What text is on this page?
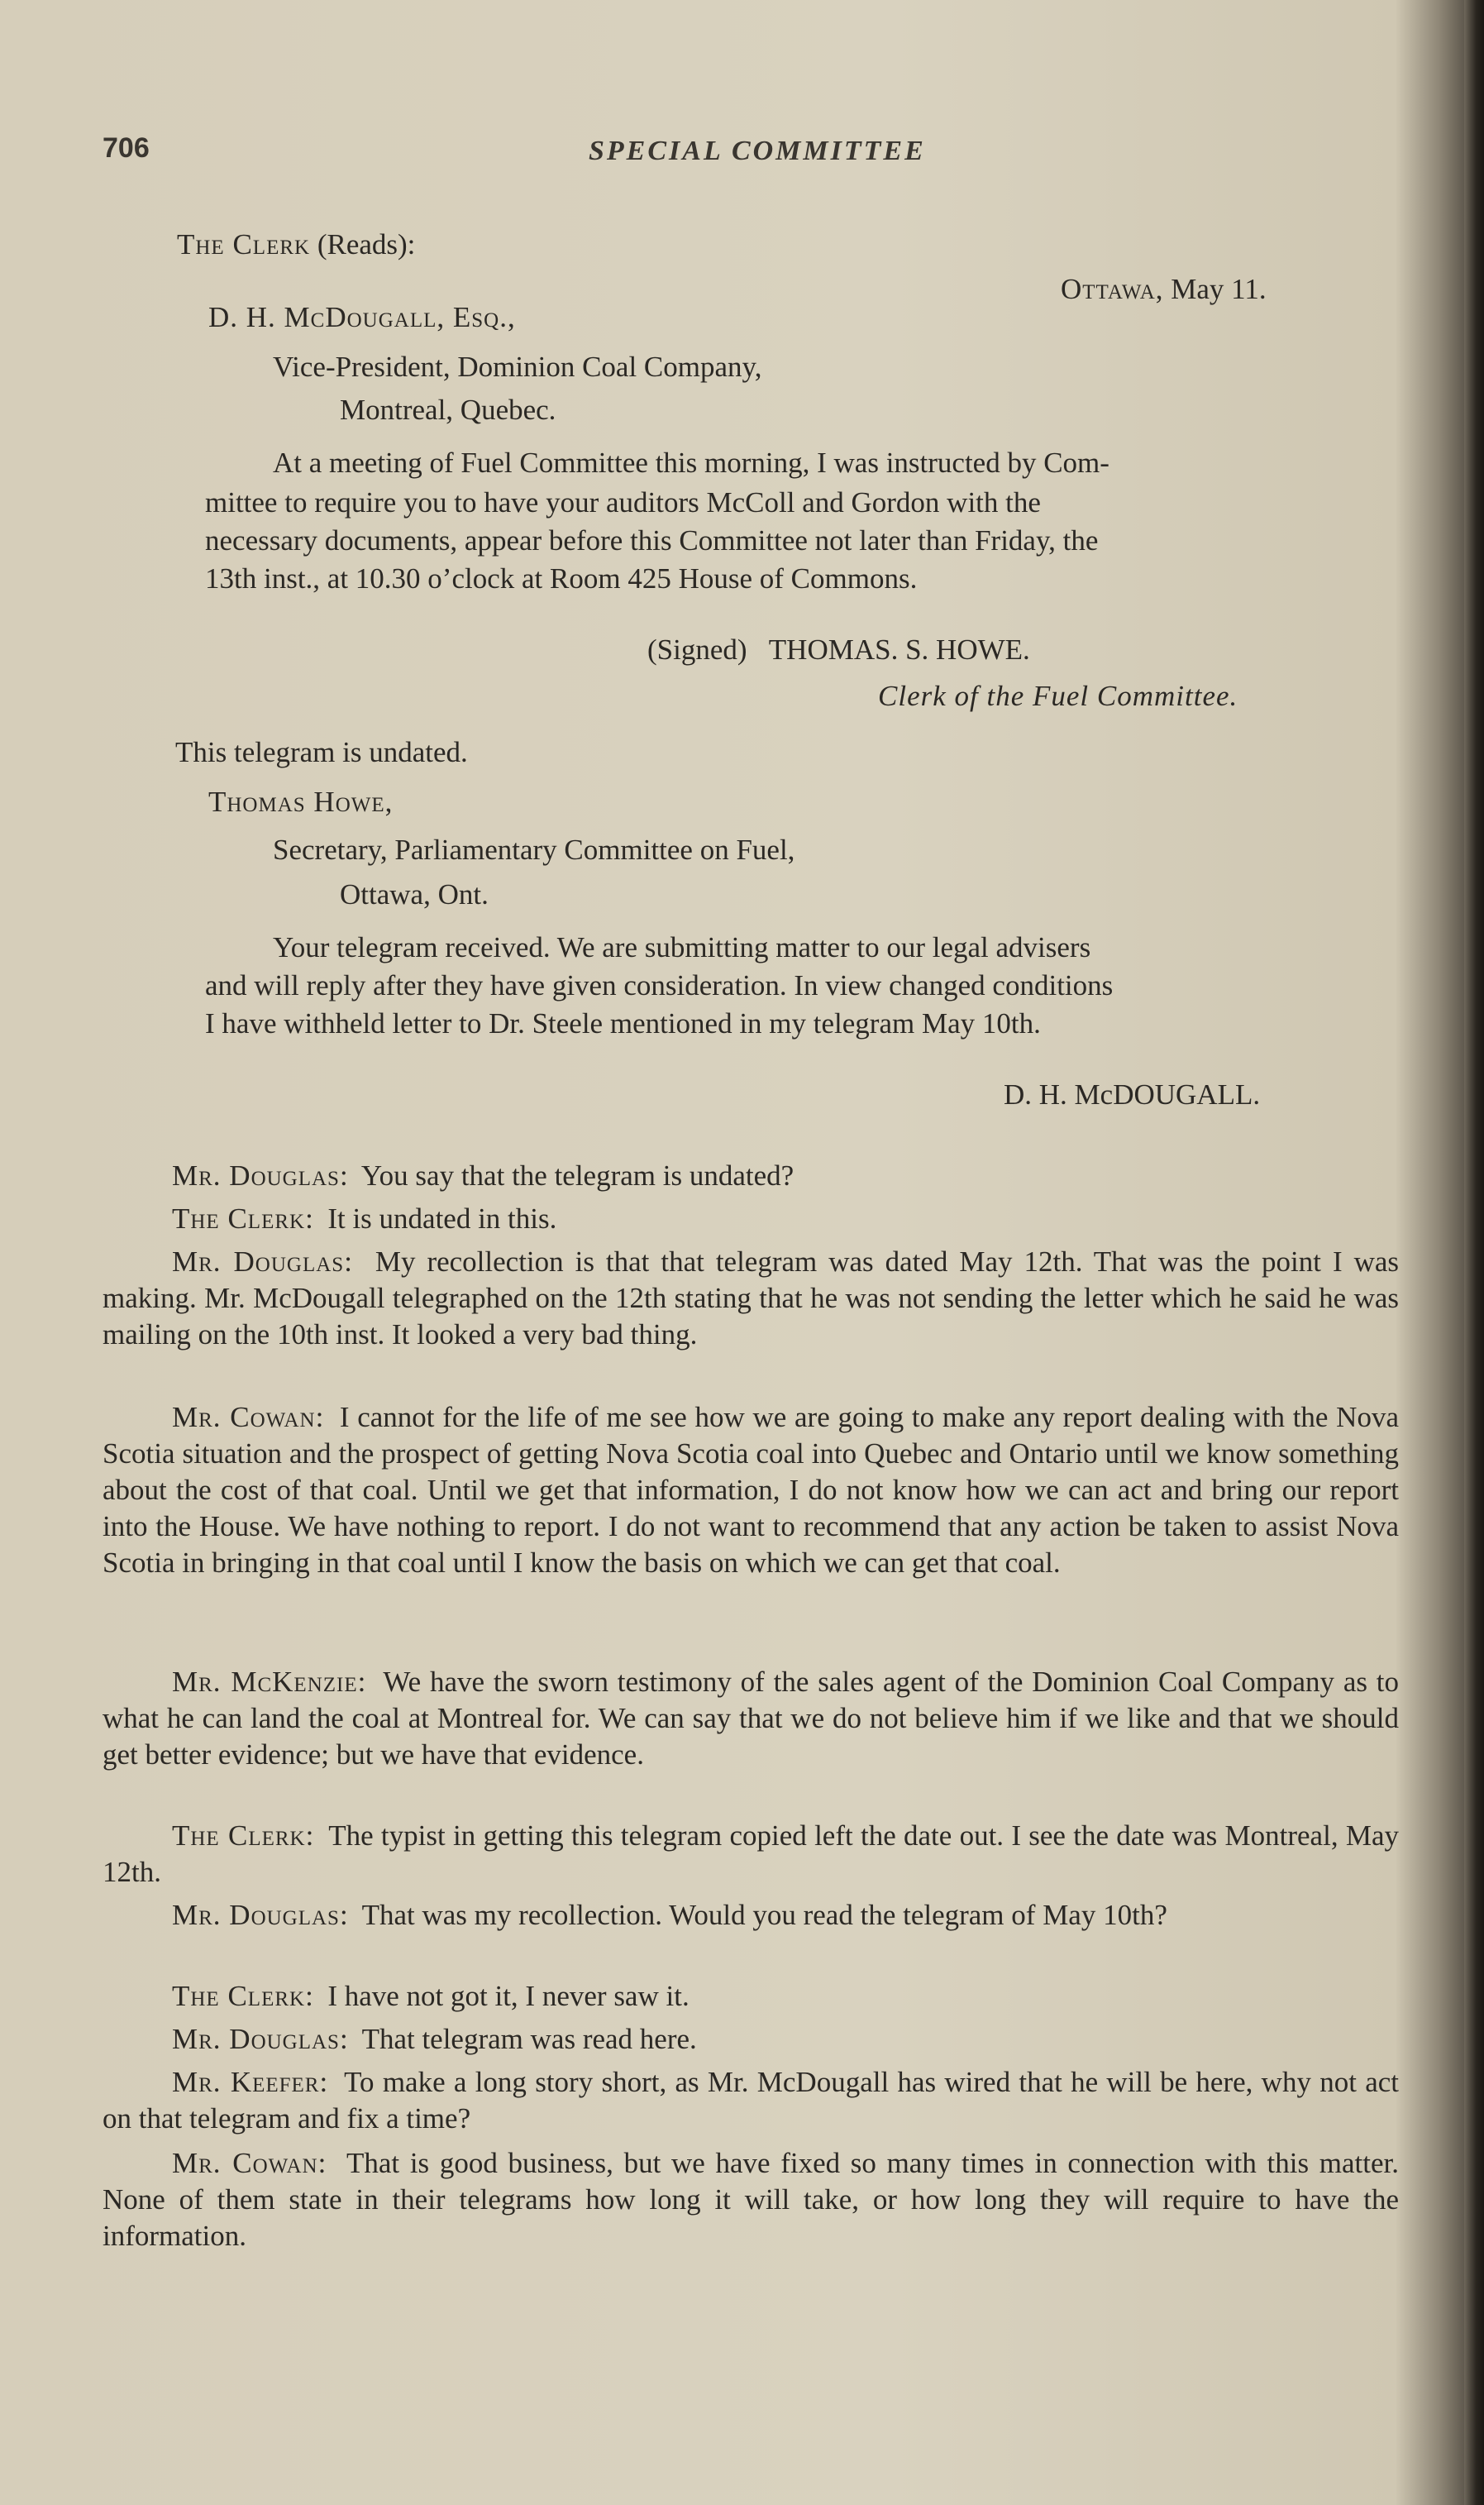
706	SPECIAL COMMITTEE
The Clerk (Reads):
Ottawa, May 11.
D. H. McDougall, Esq.,
Vice-President, Dominion Coal Company,
Montreal, Quebec.
At a meeting of Fuel Committee this morning, I was instructed by Com-
mittee to require you to have your auditors McColl and Gordon with the
necessary documents, appear before this Committee not later than Friday, the
13th inst., at 10.30 o’clock at Room 425 House of Commons.
(Signed) THOMAS. S. HOWE.
Clerk of the Fuel Committee.
This telegram is undated.
Thomas Howe,
Secretary, Parliamentary Committee on Fuel,
Ottawa, Ont.
Your telegram received. We are submitting matter to our legal advisers
and will reply after they have given consideration. In view changed conditions
I have withheld letter to Dr. Steele mentioned in my telegram May 10th.
D. H. McDOUGALL.
Mr. Douglas:  You say that the telegram is undated?
The Clerk:  It is undated in this.
Mr. Douglas:  My recollection is that that telegram was dated May 12th. That was the point I was making. Mr. McDougall telegraphed on the 12th stating that he was not sending the letter which he said he was mailing on the 10th inst. It looked a very bad thing.
Mr. Cowan:  I cannot for the life of me see how we are going to make any report dealing with the Nova Scotia situation and the prospect of getting Nova Scotia coal into Quebec and Ontario until we know something about the cost of that coal. Until we get that information, I do not know how we can act and bring our report into the House. We have nothing to report. I do not want to recommend that any action be taken to assist Nova Scotia in bringing in that coal until I know the basis on which we can get that coal.
Mr. McKenzie:  We have the sworn testimony of the sales agent of the Dominion Coal Company as to what he can land the coal at Montreal for. We can say that we do not believe him if we like and that we should get better evidence; but we have that evidence.
The Clerk:  The typist in getting this telegram copied left the date out. I see the date was Montreal, May 12th.
Mr. Douglas:  That was my recollection. Would you read the telegram of May 10th?
The Clerk:  I have not got it, I never saw it.
Mr. Douglas:  That telegram was read here.
Mr. Keefer:  To make a long story short, as Mr. McDougall has wired that he will be here, why not act on that telegram and fix a time?
Mr. Cowan:  That is good business, but we have fixed so many times in connection with this matter. None of them state in their telegrams how long it will take, or how long they will require to have the information.
